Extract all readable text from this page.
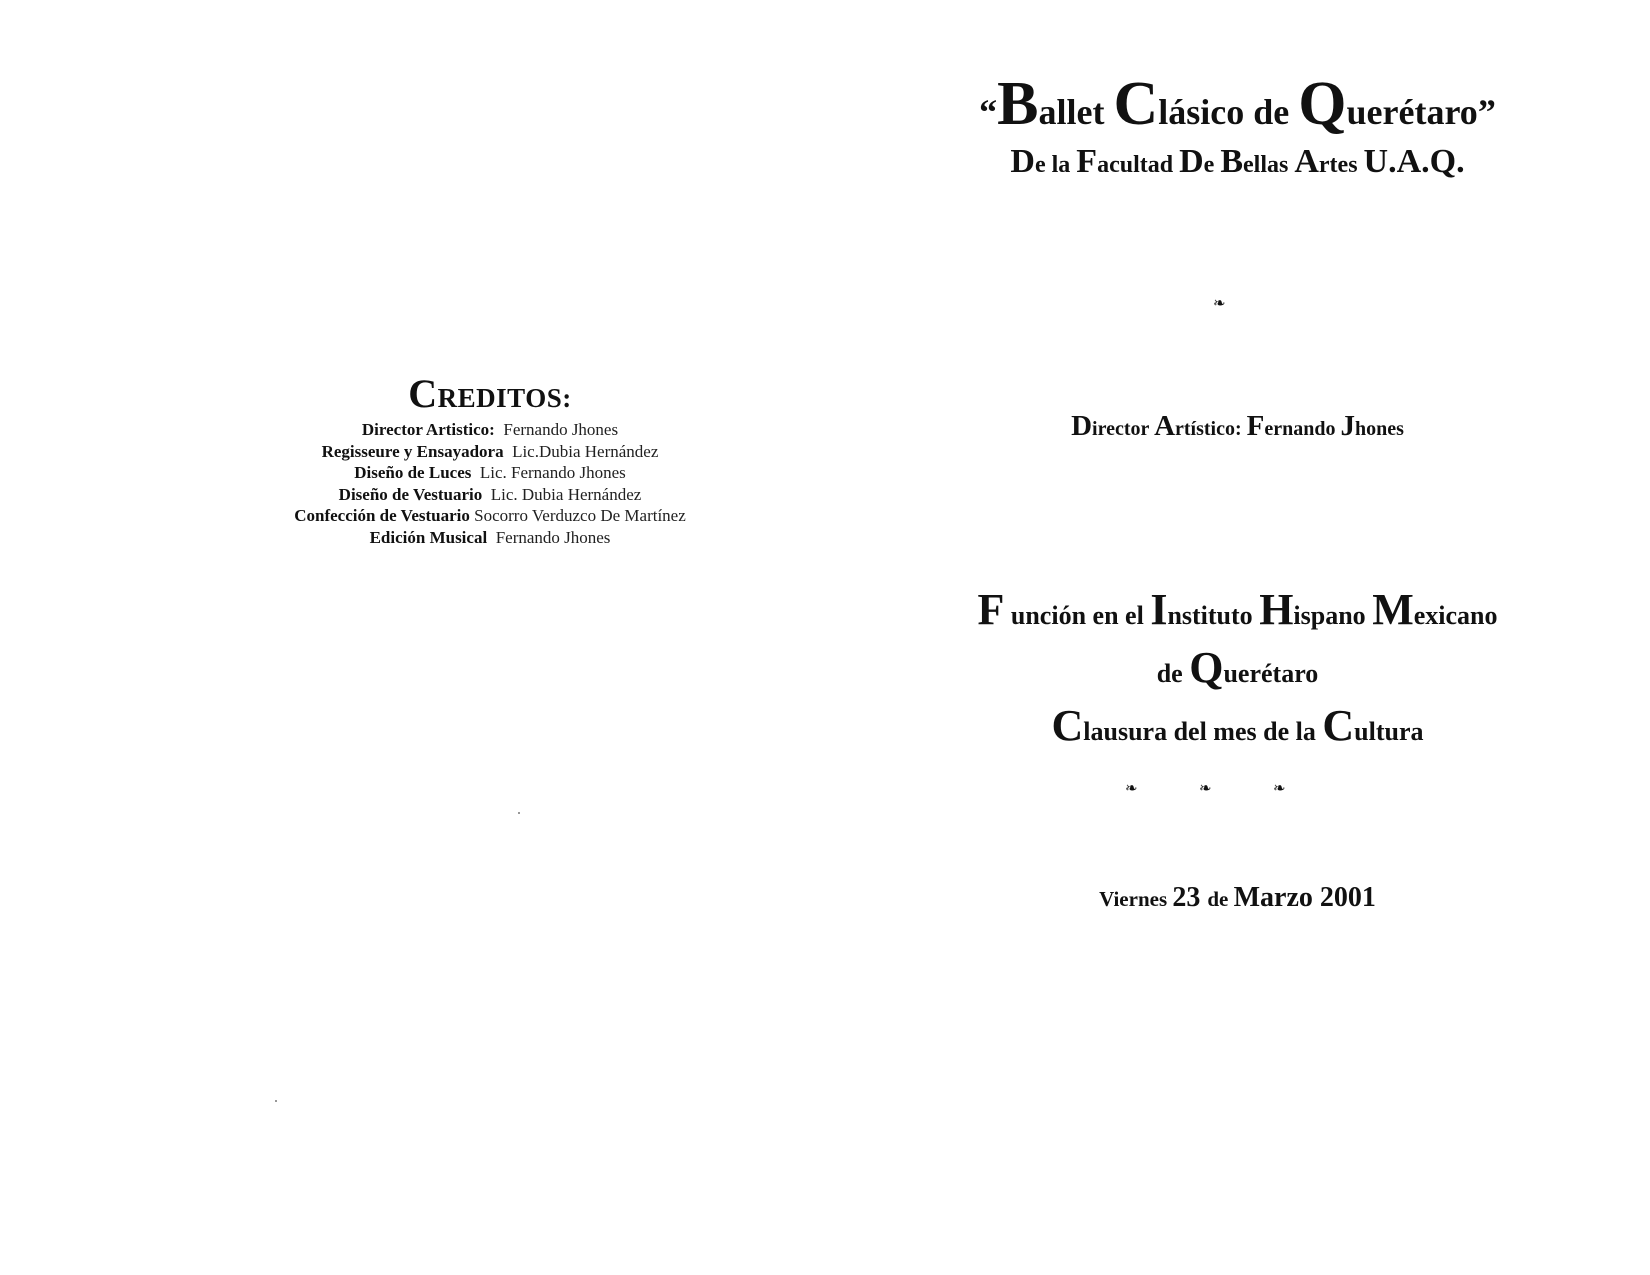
CREDITOS:
Director Artistico: Fernando Jhones
Regisseure y Ensayadora Lic.Dubia Hernández
Diseño de Luces Lic. Fernando Jhones
Diseño de Vestuario Lic. Dubia Hernández
Confección de Vestuario Socorro Verduzco De Martínez
Edición Musical Fernando Jhones
“Ballet Clásico de Querétaro”
De la Facultad De Bellas Artes U.A.Q.
❧
Director Artístico: Fernando Jhones
F unción en el Instituto Hispano Mexicano
de Querétaro
Clausura del mes de la Cultura
❧	❧	❧
Viernes 23 de Marzo 2001
